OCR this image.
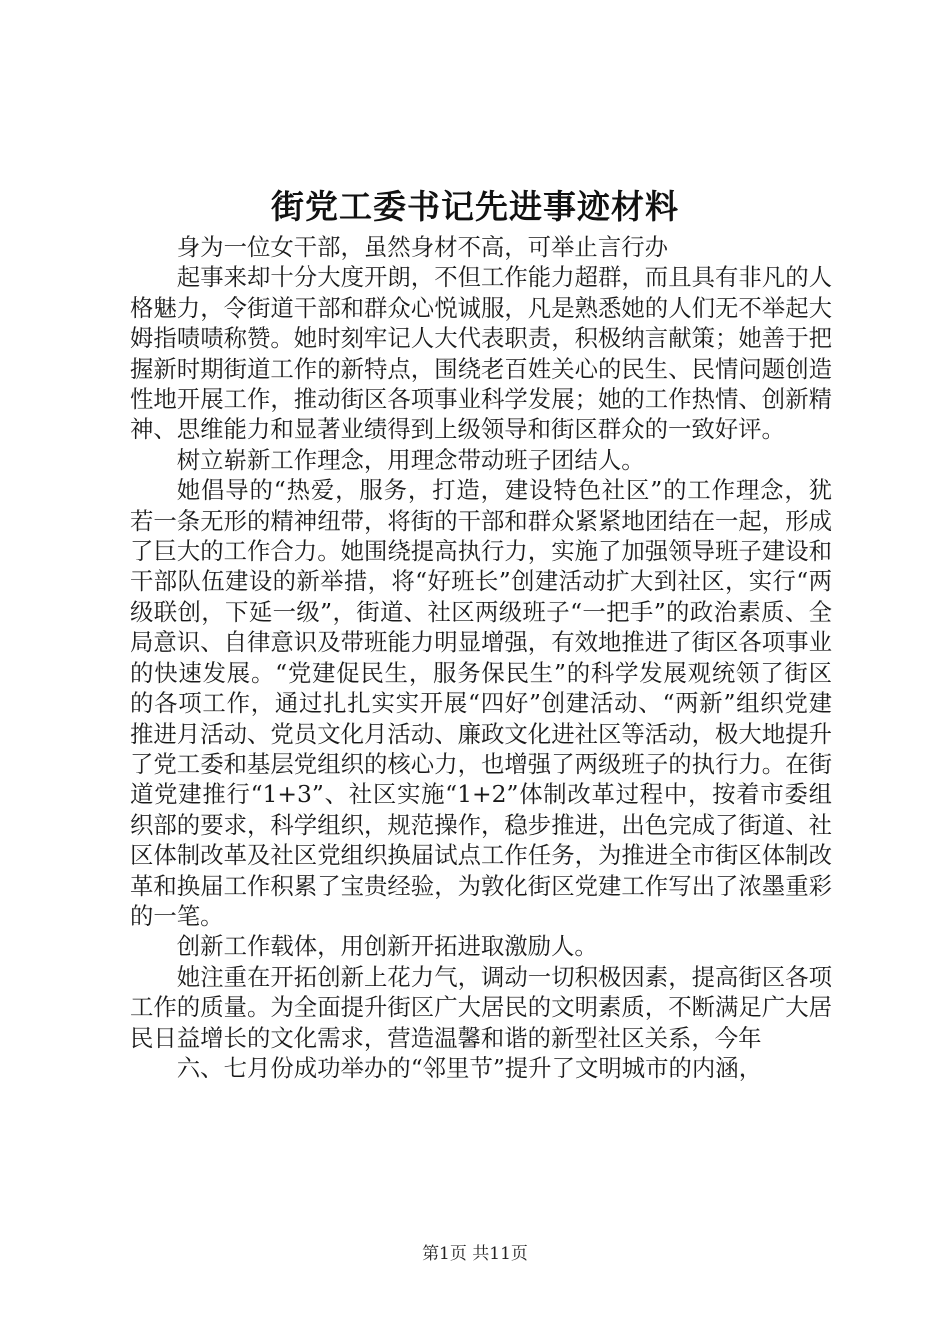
街党工委书记先进事迹材料

身为一位女干部，虽然身材不高，可举止言行办

起事来却十分大度开朗，不但工作能力超群，而且具有非凡的人格魅力，令街道干部和群众心悦诚服，凡是熟悉她的人们无不举起大姆指啧啧称赞。她时刻牢记人大代表职责，积极纳言献策；她善于把握新时期街道工作的新特点，围绕老百姓关心的民生、民情问题创造性地开展工作，推动街区各项事业科学发展；她的工作热情、创新精神、思维能力和显著业绩得到上级领导和街区群众的一致好评。

树立崭新工作理念，用理念带动班子团结人。

她倡导的“热爱，服务，打造，建设特色社区”的工作理念，犹若一条无形的精神纽带，将街的干部和群众紧紧地团结在一起，形成了巨大的工作合力。她围绕提高执行力，实施了加强领导班子建设和干部队伍建设的新举措，将“好班长”创建活动扩大到社区，实行“两级联创，下延一级”，街道、社区两级班子“一把手”的政治素质、全局意识、自律意识及带班能力明显增强，有效地推进了街区各项事业的快速发展。“党建促民生，服务保民生”的科学发展观统领了街区的各项工作，通过扎扎实实开展“四好”创建活动、“两新”组织党建推进月活动、党员文化月活动、廉政文化进社区等活动，极大地提升了党工委和基层党组织的核心力，也增强了两级班子的执行力。在街道党建推行“1+3”、社区实施“1+2”体制改革过程中，按着市委组织部的要求，科学组织，规范操作，稳步推进，出色完成了街道、社区体制改革及社区党组织换届试点工作任务，为推进全市街区体制改革和换届工作积累了宝贵经验，为敦化街区党建工作写出了浓墨重彩的一笔。

创新工作载体，用创新开拓进取激励人。

她注重在开拓创新上花力气，调动一切积极因素，提高街区各项工作的质量。为全面提升街区广大居民的文明素质，不断满足广大居民日益增长的文化需求，营造温馨和谐的新型社区关系，今年

六、七月份成功举办的“邻里节”提升了文明城市的内涵，

第1页 共11页
